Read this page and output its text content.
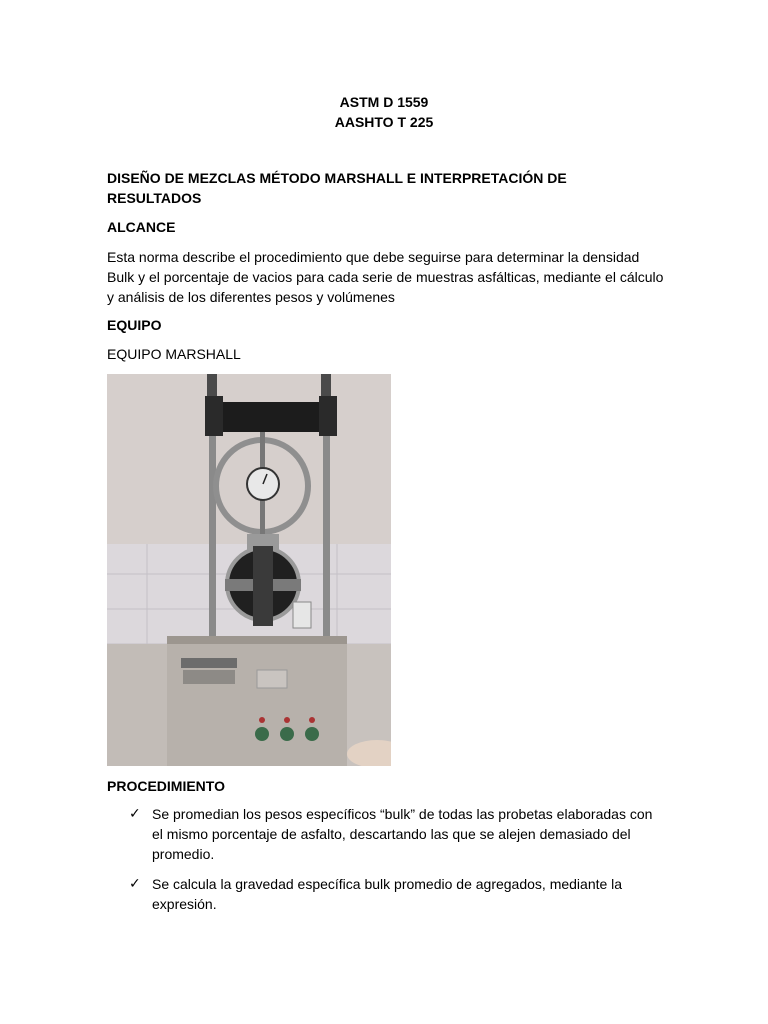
ASTM D 1559
AASHTO T 225
DISEÑO DE MEZCLAS MÉTODO MARSHALL E INTERPRETACIÓN DE RESULTADOS
ALCANCE
Esta norma describe el procedimiento que debe seguirse para determinar la densidad Bulk y el porcentaje de vacios para cada serie de muestras asfálticas, mediante el cálculo y análisis de los diferentes pesos y volúmenes
EQUIPO
EQUIPO MARSHALL
PROCEDIMIENTO
✓ Se promedian los pesos específicos “bulk” de todas las probetas elaboradas con el mismo porcentaje de asfalto, descartando las que se alejen demasiado del promedio.
✓ Se calcula la gravedad específica bulk promedio de agregados, mediante la expresión.
